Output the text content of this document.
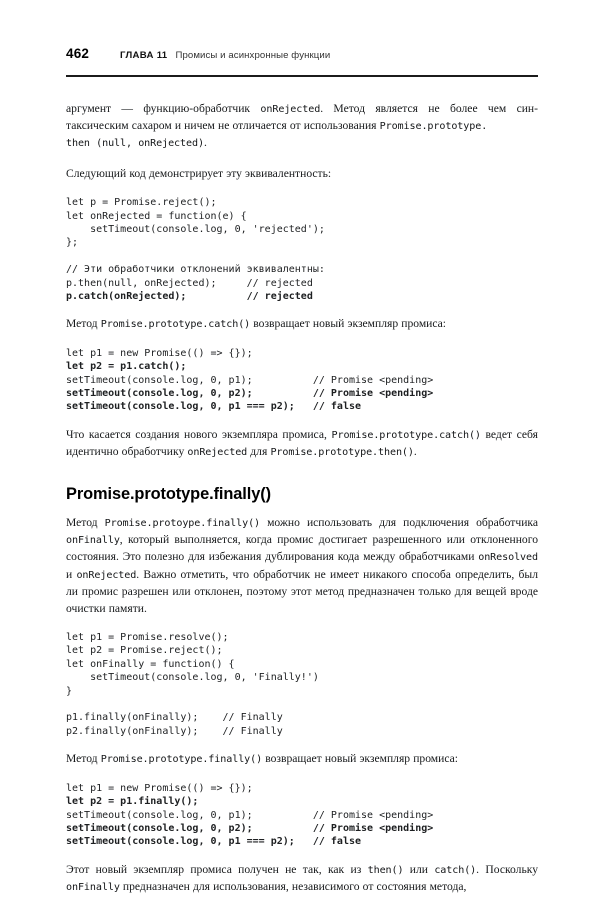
462	ГЛАВА 11 Промисы и асинхронные функции

аргумент — функцию-обработчик onRejected. Метод является не более чем син- таксическим сахаром и ничем не отличается от использования Promise.prototype.
then (null, onRejected).

Следующий код демонстрирует эту эквивалентность:

let p = Promise.reject();
let onRejected = function(e) {
setTimeout(console.log, 0, 'rejected');
};

// Эти обработчики отклонений эквивалентны:
p.then(null, onRejected);     // rejected
p.catch(onRejected);          // rejected

Метод Promise.prototype.catch() возвращает новый экземпляр промиса:

let p1 = new Promise(() => {});
let p2 = p1.catch();
setTimeout(console.log, 0, p1);          // Promise <pending>
setTimeout(console.log, 0, p2);          // Promise <pending>
setTimeout(console.log, 0, p1 === p2);   // false

Что касается создания нового экземпляра промиса, Promise.prototype.catch() ведет себя идентично обработчику onRejected для Promise.prototype.then().

Promise.prototype.finally()

Метод Promise.protoype.finally() можно использовать для подключения обработчика onFinally, который выполняется, когда промис достигает разрешенного или отклоненного состояния. Это полезно для избежания дублирования кода между обработчиками onResolved и onRejected. Важно отметить, что обработчик не имеет никакого способа определить, был ли промис разрешен или отклонен, поэтому этот метод предназначен только для вещей вроде очистки памяти.

let p1 = Promise.resolve();
let p2 = Promise.reject();
let onFinally = function() {
setTimeout(console.log, 0, 'Finally!')
}

p1.finally(onFinally);    // Finally
p2.finally(onFinally);    // Finally

Метод Promise.prototype.finally() возвращает новый экземпляр промиса:

let p1 = new Promise(() => {});
let p2 = p1.finally();
setTimeout(console.log, 0, p1);          // Promise <pending>
setTimeout(console.log, 0, p2);          // Promise <pending>
setTimeout(console.log, 0, p1 === p2);   // false

Этот новый экземпляр промиса получен не так, как из then() или catch(). Поскольку onFinally предназначен для использования, независимого от состояния метода,
